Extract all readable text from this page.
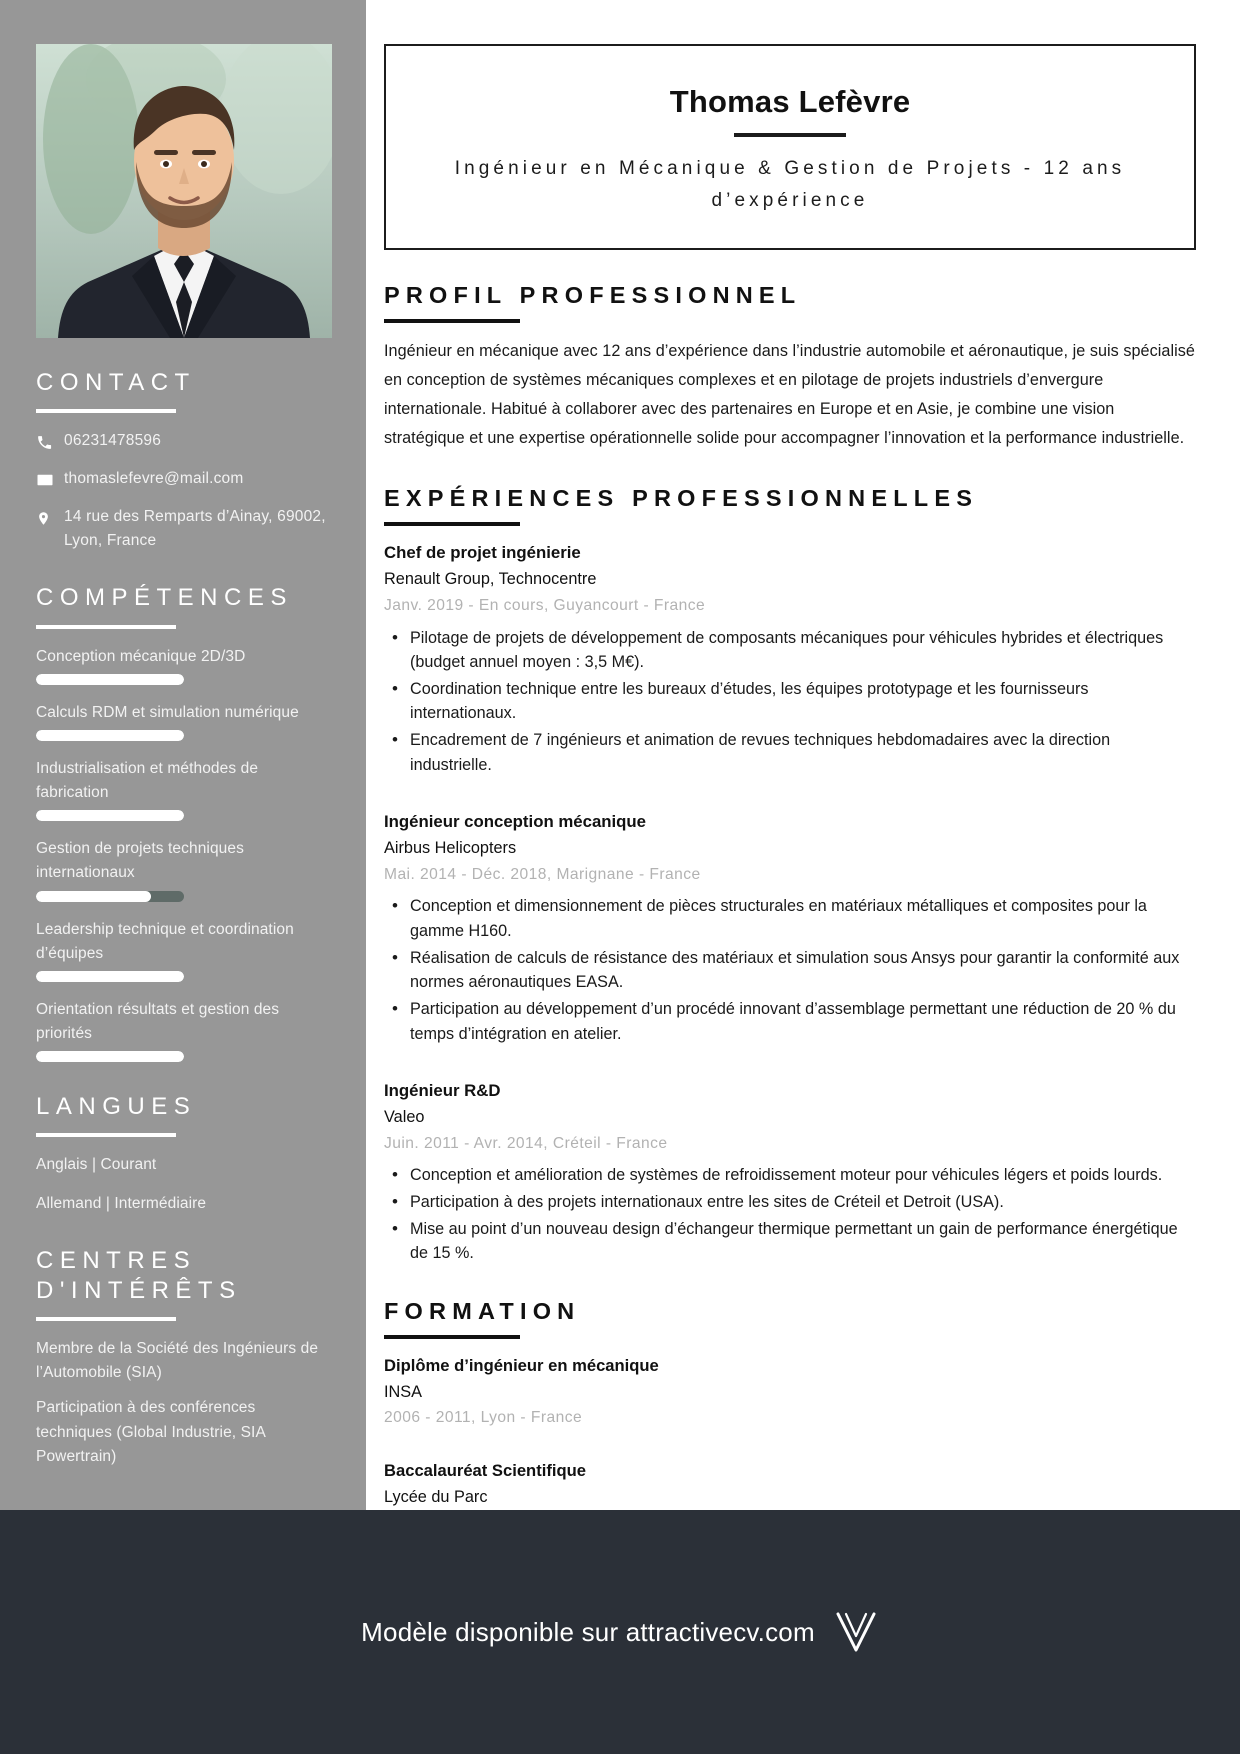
CONTACT
06231478596
thomaslefevre@mail.com
14 rue des Remparts d’Ainay, 69002, Lyon, France
COMPÉTENCES
Conception mécanique 2D/3D
Calculs RDM et simulation numérique
Industrialisation et méthodes de fabrication
Gestion de projets techniques internationaux
Leadership technique et coordination d’équipes
Orientation résultats et gestion des priorités
LANGUES
Anglais | Courant
Allemand | Intermédiaire
CENTRES D'INTÉRÊTS
Membre de la Société des Ingénieurs de l’Automobile (SIA)
Participation à des conférences techniques (Global Industrie, SIA Powertrain)
Thomas Lefèvre
Ingénieur en Mécanique & Gestion de Projets - 12 ans d’expérience
PROFIL PROFESSIONNEL

Ingénieur en mécanique avec 12 ans d’expérience dans l’industrie automobile et aéronautique, je suis spécialisé en conception de systèmes mécaniques complexes et en pilotage de projets industriels d’envergure internationale. Habitué à collaborer avec des partenaires en Europe et en Asie, je combine une vision stratégique et une expertise opérationnelle solide pour accompagner l’innovation et la performance industrielle.

EXPÉRIENCES PROFESSIONNELLES
Chef de projet ingénierie
Renault Group, Technocentre
Janv. 2019 - En cours, Guyancourt - France
• Pilotage de projets de développement de composants mécaniques pour véhicules hybrides et électriques (budget annuel moyen : 3,5 M€).
• Coordination technique entre les bureaux d’études, les équipes prototypage et les fournisseurs internationaux.
• Encadrement de 7 ingénieurs et animation de revues techniques hebdomadaires avec la direction industrielle.
Ingénieur conception mécanique
Airbus Helicopters
Mai. 2014 - Déc. 2018, Marignane - France
• Conception et dimensionnement de pièces structurales en matériaux métalliques et composites pour la gamme H160.
• Réalisation de calculs de résistance des matériaux et simulation sous Ansys pour garantir la conformité aux normes aéronautiques EASA.
• Participation au développement d’un procédé innovant d’assemblage permettant une réduction de 20 % du temps d’intégration en atelier.
Ingénieur R&D
Valeo
Juin. 2011 - Avr. 2014, Créteil - France
• Conception et amélioration de systèmes de refroidissement moteur pour véhicules légers et poids lourds.
• Participation à des projets internationaux entre les sites de Créteil et Detroit (USA).
• Mise au point d’un nouveau design d’échangeur thermique permettant un gain de performance énergétique de 15 %.
FORMATION
Diplôme d’ingénieur en mécanique
INSA
2006 - 2011, Lyon - France
Baccalauréat Scientifique
Lycée du Parc
Modèle disponible sur attractivecv.com
